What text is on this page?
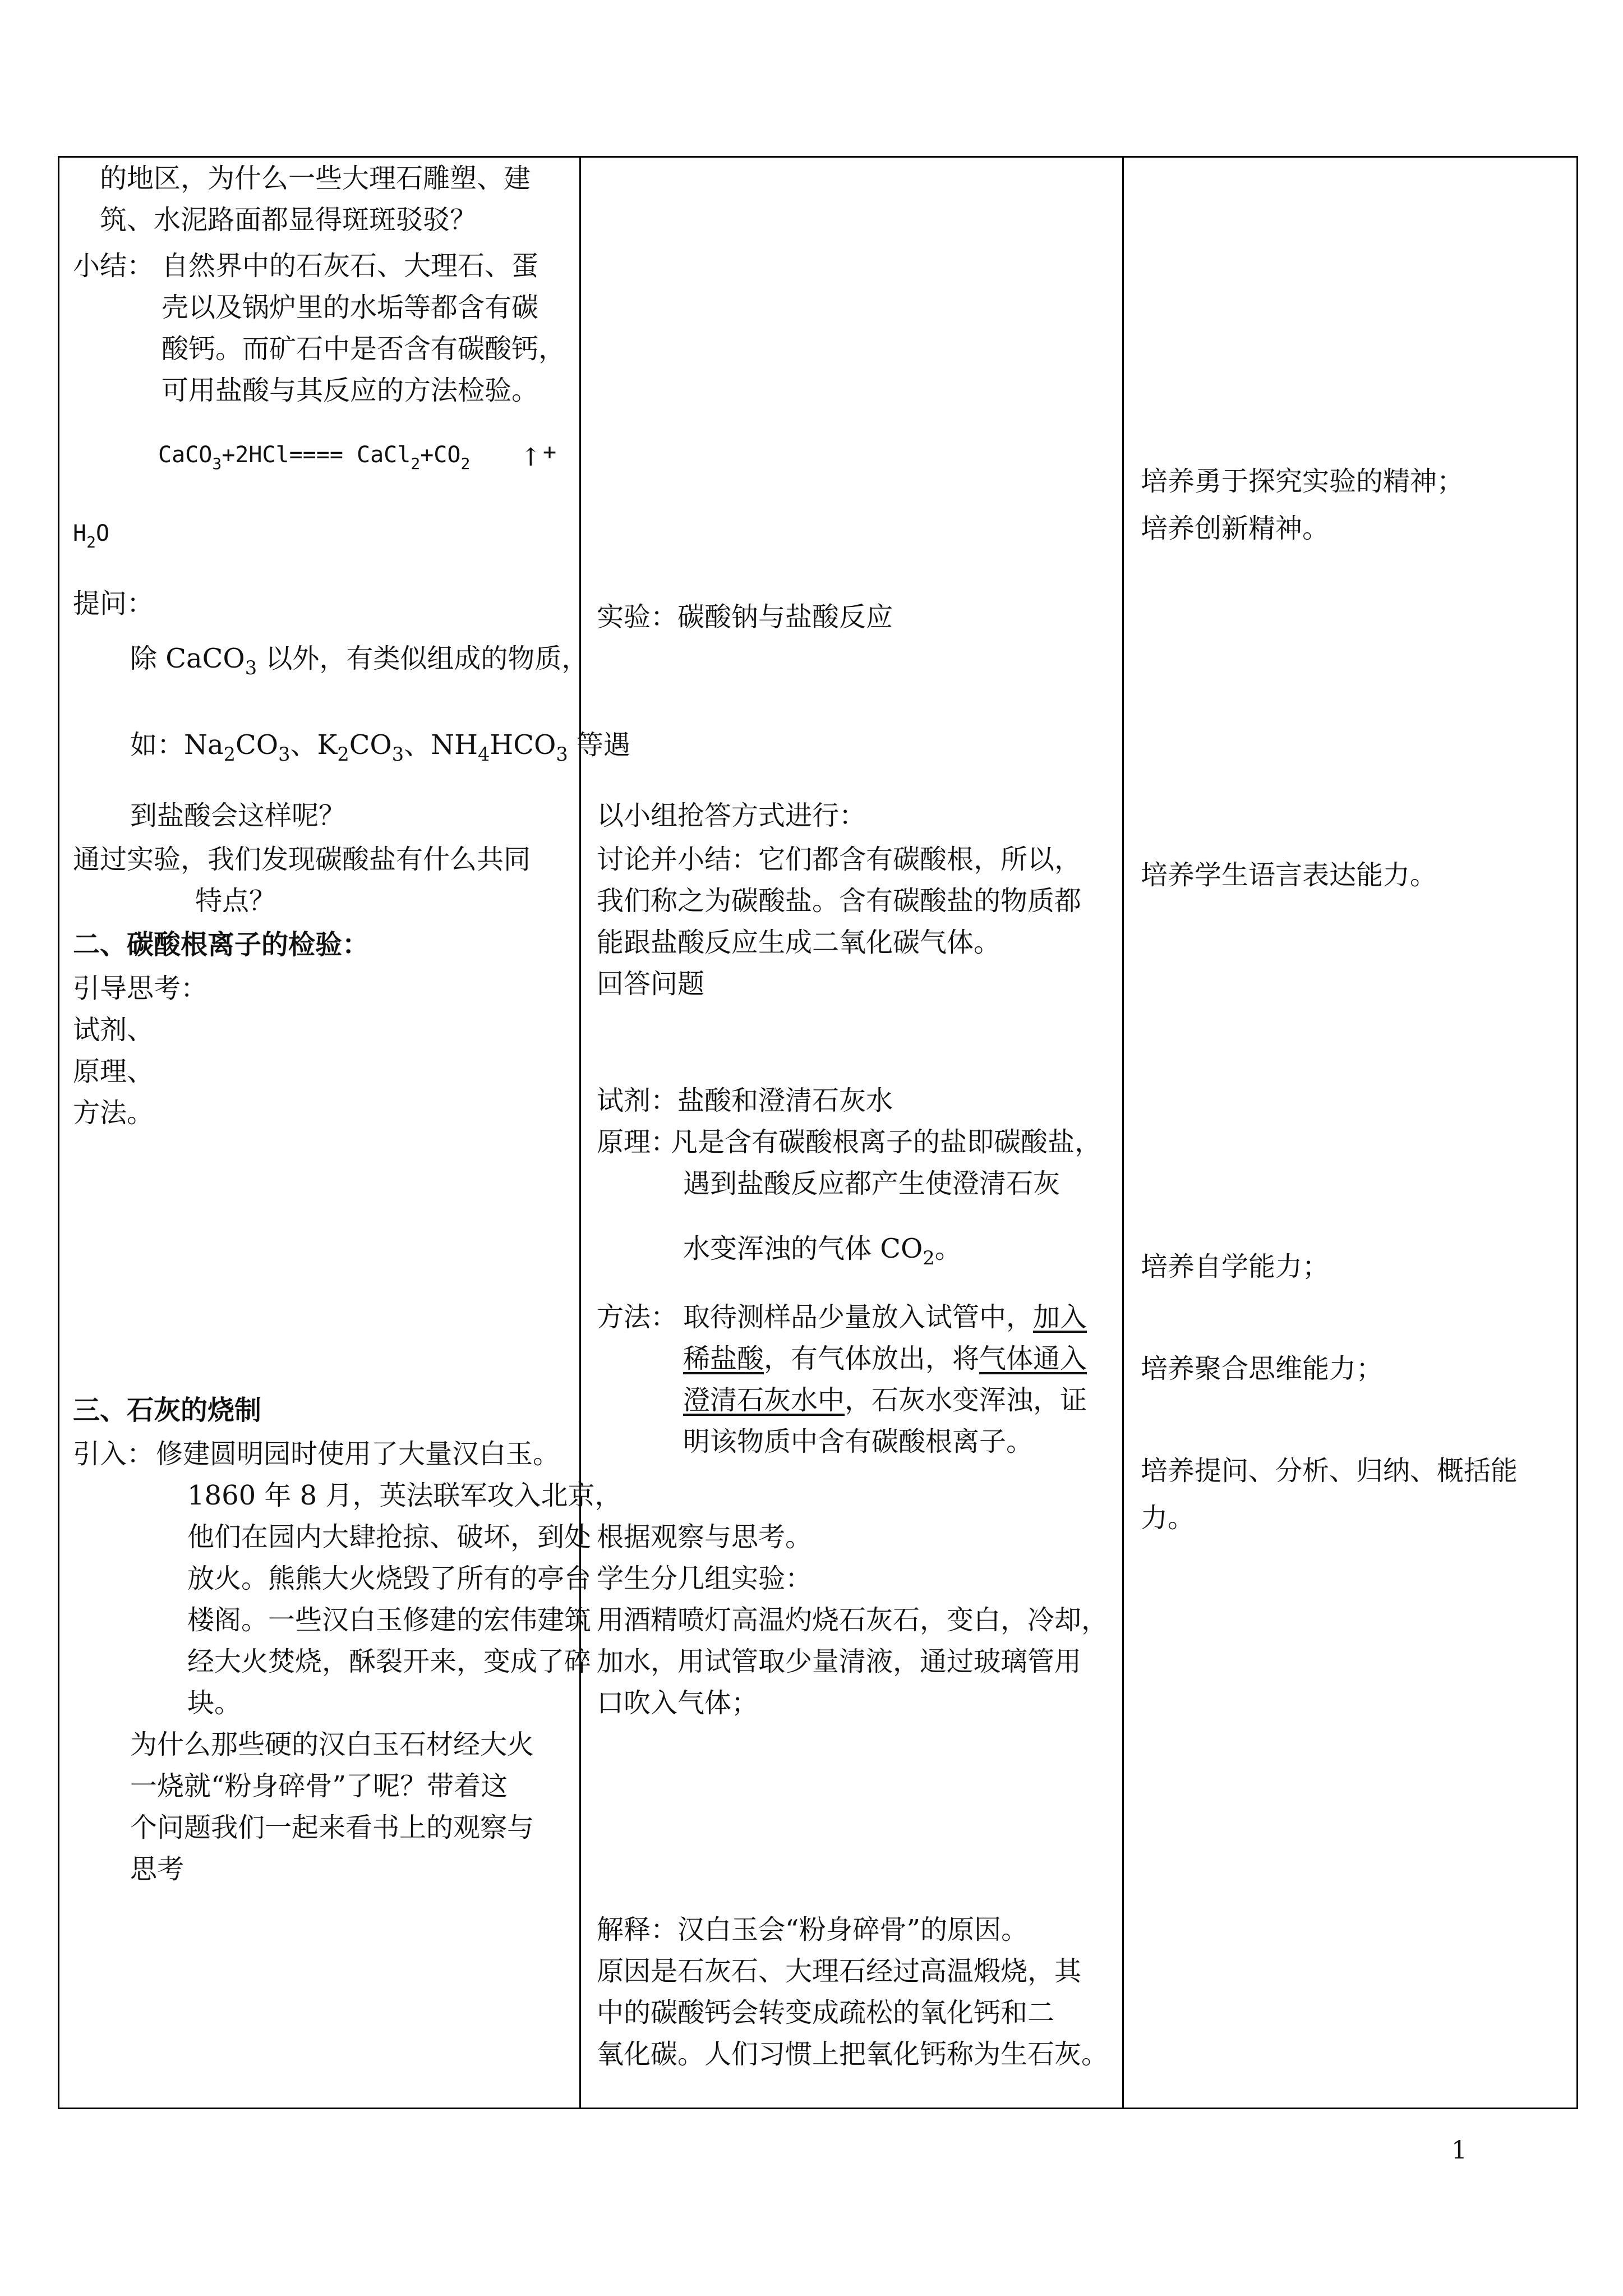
的地区，为什么一些大理石雕塑、建
筑、水泥路面都显得斑斑驳驳？
小结： 自然界中的石灰石、大理石、蛋
壳以及锅炉里的水垢等都含有碳
酸钙。而矿石中是否含有碳酸钙，
可用盐酸与其反应的方法检验。
CaCO$_3$+2HCl==== $CaCl_2+CO_2$ ↑ +
$H_2O$
提问：
除 CaCO$_3$ 以外，有类似组成的物质，
如：$Na_2CO_3$、$K_2CO_3$、$NH_4HCO_3$ 等遇
到盐酸会这样呢？
通过实验，我们发现碳酸盐有什么共同
特点？
二、碳酸根离子的检验：
引导思考：
试剂、
原理、
方法。
三、石灰的烧制
引入： 修建圆明园时使用了大量汉白玉。
1860 年 8 月，英法联军攻入北京，
他们在园内大肆抢掠、破坏，到处
放火。熊熊大火烧毁了所有的亭台
楼阁。一些汉白玉修建的宏伟建筑
经大火焚烧，酥裂开来，变成了碎
块。
为什么那些硬的汉白玉石材经大火
一烧就“粉身碎骨”了呢？带着这
个问题我们一起来看书上的观察与
思考
实验：碳酸钠与盐酸反应
以小组抢答方式进行：
讨论并小结：它们都含有碳酸根，所以，
我们称之为碳酸盐。含有碳酸盐的物质都
能跟盐酸反应生成二氧化碳气体。
回答问题
试剂：盐酸和澄清石灰水
原理：
凡是含有碳酸根离子的盐即碳酸盐，
遇到盐酸反应都产生使澄清石灰
水变浑浊的气体 $CO_2$。
方法： 取待测样品少量放入试管中，加入
稀盐酸，有气体放出，将气体通入
澄清石灰水中，石灰水变浑浊，证
明该物质中含有碳酸根离子。
根据观察与思考。
学生分几组实验：
用酒精喷灯高温灼烧石灰石，变白，冷却，
加水，用试管取少量清液，通过玻璃管用
口吹入气体；
解释：汉白玉会“粉身碎骨”的原因。
原因是石灰石、大理石经过高温煅烧，其
中的碳酸钙会转变成疏松的氧化钙和二
氧化碳。人们习惯上把氧化钙称为生石灰。
培养勇于探究实验的精神；
培养创新精神。
培养学生语言表达能力。
培养自学能力；
培养聚合思维能力；
培养提问、分析、归纳、概括能
力。
1
